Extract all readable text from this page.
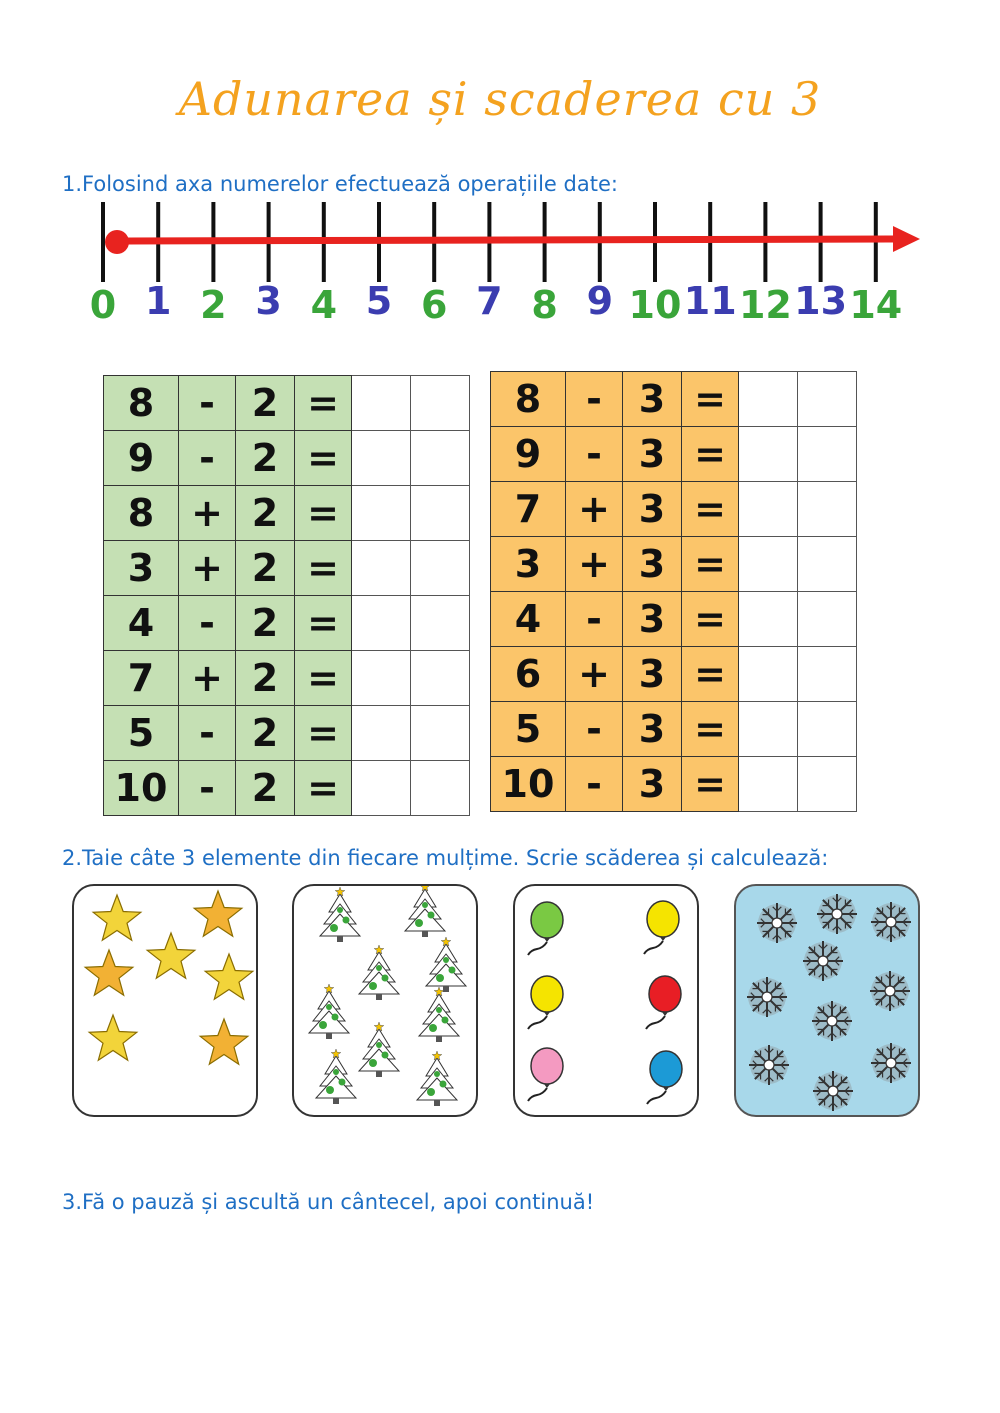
Adunarea și scaderea cu 3
1.Folosind axa numerelor efectuează operațiile date:
0 1 2 3 4 5 6 7 8 9 10 11 12 13 14
8	-	2	=		
9	-	2	=		
8	+	2	=		
3	+	2	=		
4	-	2	=		
7	+	2	=		
5	-	2	=		
10	-	2	=		
8	-	3	=		
9	-	3	=		
7	+	3	=		
3	+	3	=		
4	-	3	=		
6	+	3	=		
5	-	3	=		
10	-	3	=		
2.Taie câte 3 elemente din fiecare mulțime. Scrie scăderea și calculează:
3.Fă o pauză și ascultă un cântecel, apoi continuă!
